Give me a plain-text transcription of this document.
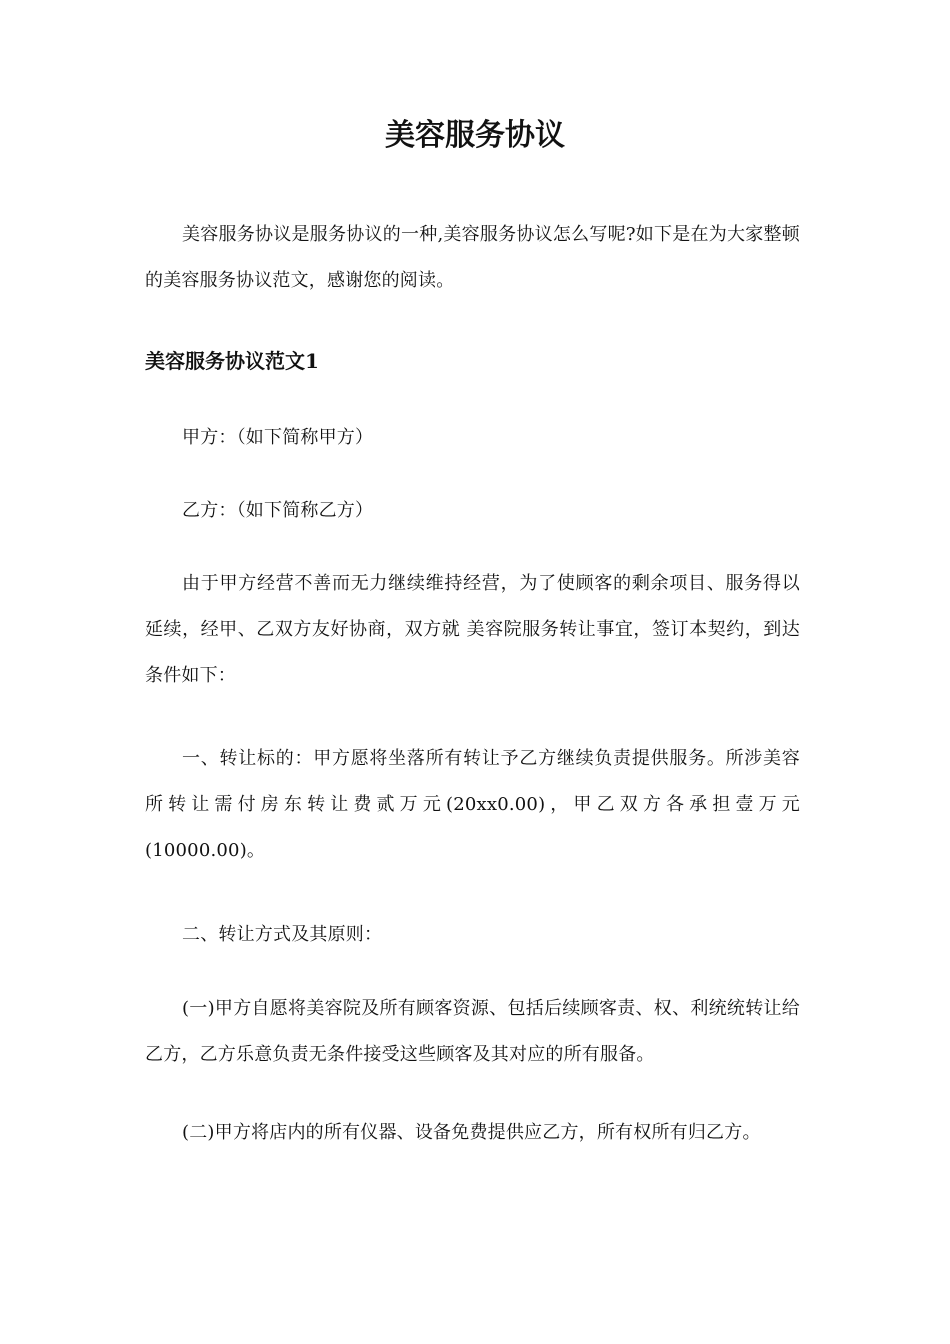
美容服务协议

美容服务协议是服务协议的一种,美容服务协议怎么写呢?如下是在为大家整顿的美容服务协议范文，感谢您的阅读。

美容服务协议范文1

甲方：（如下简称甲方）

乙方：（如下简称乙方）

由于甲方经营不善而无力继续维持经营，为了使顾客的剩余项目、服务得以延续，经甲、乙双方友好协商，双方就 美容院服务转让事宜，签订本契约，到达条件如下：

一、转让标的：甲方愿将坐落所有转让予乙方继续负责提供服务。所涉美容所转让需付房东转让费贰万元(20xx0.00)，甲乙双方各承担壹万元(10000.00)。

二、转让方式及其原则：

(一)甲方自愿将美容院及所有顾客资源、包括后续顾客责、权、利统统转让给乙方，乙方乐意负责无条件接受这些顾客及其对应的所有服备。

(二)甲方将店内的所有仪器、设备免费提供应乙方，所有权所有归乙方。
